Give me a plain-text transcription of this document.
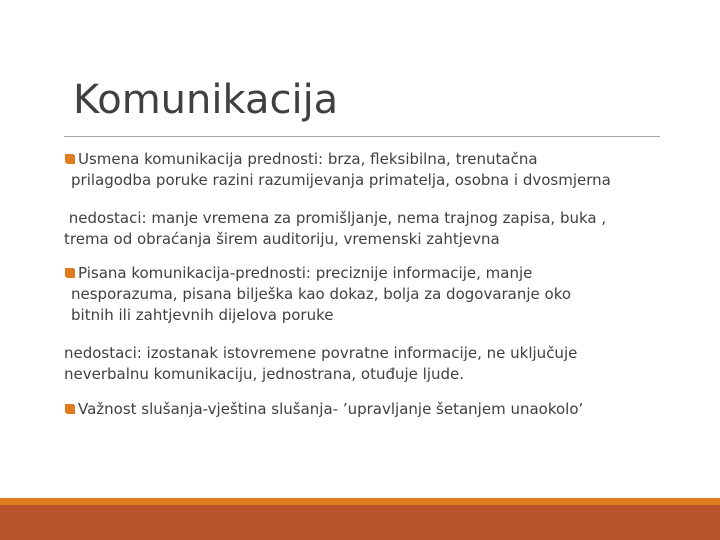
Komunikacija

Usmena komunikacija prednosti: brza, fleksibilna, trenutačna
prilagodba poruke razini razumijevanja primatelja, osobna i dvosmjerna

nedostaci: manje vremena za promišljanje, nema trajnog zapisa, buka ,
trema od obraćanja širem auditoriju, vremenski zahtjevna

Pisana komunikacija-prednosti: preciznije informacije, manje
nesporazuma, pisana bilješka kao dokaz, bolja za dogovaranje oko
bitnih ili zahtjevnih dijelova poruke

nedostaci: izostanak istovremene povratne informacije, ne uključuje
neverbalnu komunikaciju, jednostrana, otuđuje ljude.

Važnost slušanja-vještina slušanja- ’upravljanje šetanjem unaokolo’
